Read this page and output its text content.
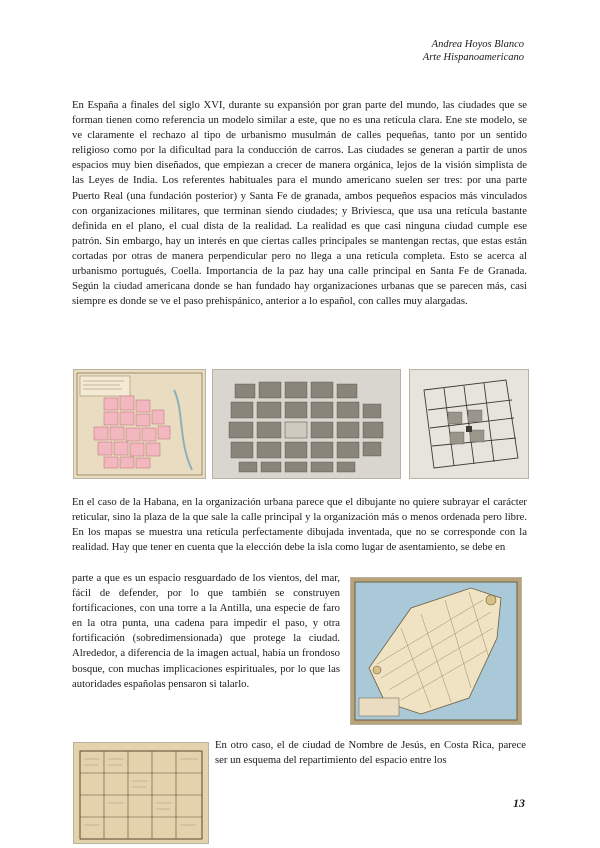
Andrea Hoyos Blanco
Arte Hispanoamericano

En España a finales del siglo XVI, durante su expansión por gran parte del mundo, las ciudades que se forman tienen como referencia un modelo similar a este, que no es una retícula clara. Ene ste modelo, se ve claramente el rechazo al tipo de urbanismo musulmán de calles pequeñas, tanto por un sentido religioso como por la dificultad para la conducción de carros. Las ciudades se generan a partir de unos espacios muy bien diseñados, que empiezan a crecer de manera orgánica, lejos de la visión simplista de las Leyes de India. Los referentes habituales para el mundo americano suelen ser tres: por una parte Puerto Real (una fundación posterior) y Santa Fe de granada, ambos pequeños espacios más vinculados con organizaciones militares, que terminan siendo ciudades; y Briviesca, que usa una retícula bastante definida en el plano, el cual dista de la realidad. La realidad es que casi ninguna ciudad cumple ese patrón. Sin embargo, hay un interés en que ciertas calles principales se mantengan rectas, que estas están cortadas por otras de manera perpendicular pero no llega a una retícula completa. Esto se acerca al urbanismo portugués, Coella. Importancia de la paz hay una calle principal en Santa Fe de Granada. Según la ciudad americana donde se han fundado hay organizaciones urbanas que se parecen más, casi siempre es donde se ve el paso prehispánico, anterior a lo español, con calles muy alargadas.

En el caso de la Habana, en la organización urbana parece que el dibujante no quiere subrayar el carácter reticular, sino la plaza de la que sale la calle principal y la organización más o menos ordenada pero libre. En los mapas se muestra una retícula perfectamente dibujada inventada, que no se corresponde con la realidad. Hay que tener en cuenta que la elección debe la isla como lugar de asentamiento, se debe en

parte a que es un espacio resguardado de los vientos, del mar, fácil de defender, por lo que también se construyen fortificaciones, con una torre a la Antilla, una especie de faro en la otra punta, una cadena para impedir el paso, y otra fortificación (sobredimensionada) que protege la ciudad. Alrededor, a diferencia de la imagen actual, había un frondoso bosque, con muchas implicaciones espirituales, por lo que las autoridades españolas pensaron si talarlo.

En otro caso, el de ciudad de Nombre de Jesús, en Costa Rica, parece ser un esquema del repartimiento del espacio entre los

13
